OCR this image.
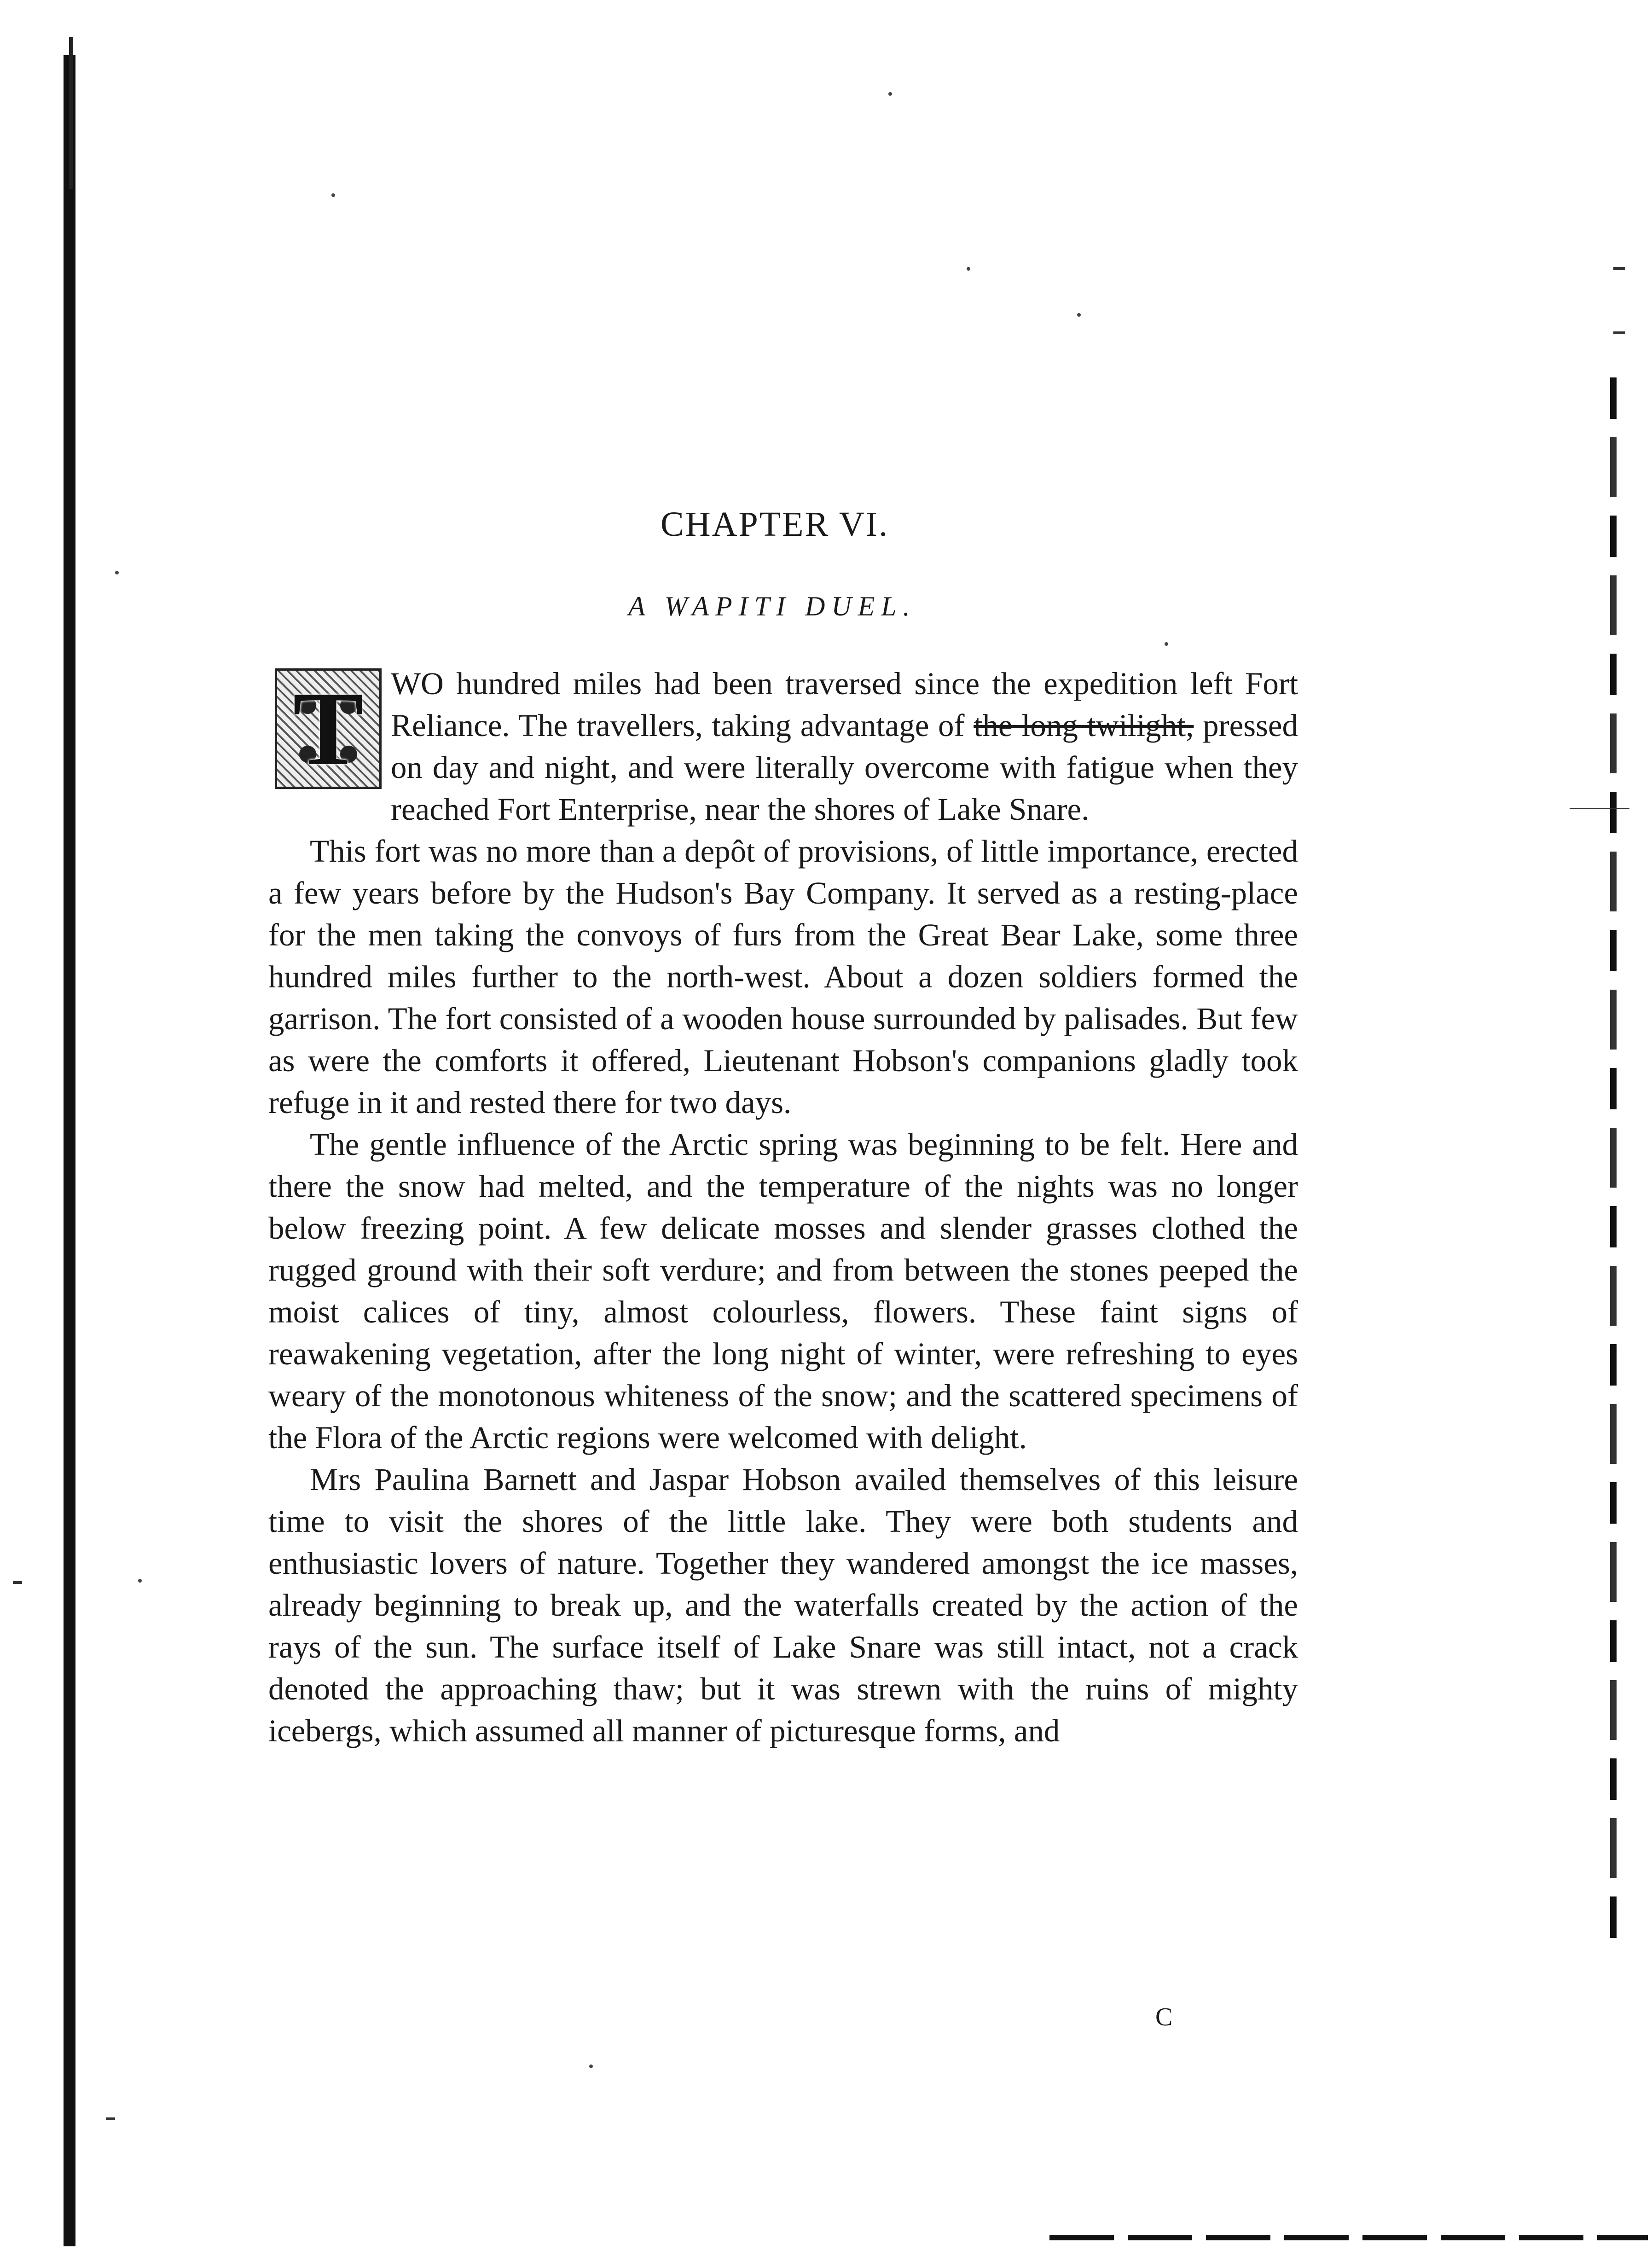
CHAPTER VI.
A WAPITI DUEL.

T WO hundred miles had been traversed since the expedition left Fort Reliance. The travellers, taking advantage of the long twilight, pressed on day and night, and were literally overcome with fatigue when they reached Fort Enterprise, near the shores of Lake Snare.

This fort was no more than a depôt of provisions, of little importance, erected a few years before by the Hudson's Bay Company. It served as a resting-place for the men taking the convoys of furs from the Great Bear Lake, some three hundred miles further to the north-west. About a dozen soldiers formed the garrison. The fort consisted of a wooden house surrounded by palisades. But few as were the comforts it offered, Lieutenant Hobson's companions gladly took refuge in it and rested there for two days.

The gentle influence of the Arctic spring was beginning to be felt. Here and there the snow had melted, and the temperature of the nights was no longer below freezing point. A few delicate mosses and slender grasses clothed the rugged ground with their soft verdure; and from between the stones peeped the moist calices of tiny, almost colourless, flowers. These faint signs of reawakening vegetation, after the long night of winter, were refreshing to eyes weary of the monotonous whiteness of the snow; and the scattered specimens of the Flora of the Arctic regions were welcomed with delight.

Mrs Paulina Barnett and Jaspar Hobson availed themselves of this leisure time to visit the shores of the little lake. They were both students and enthusiastic lovers of nature. Together they wandered amongst the ice masses, already beginning to break up, and the waterfalls created by the action of the rays of the sun. The surface itself of Lake Snare was still intact, not a crack denoted the approaching thaw; but it was strewn with the ruins of mighty icebergs, which assumed all manner of picturesque forms, and

C
